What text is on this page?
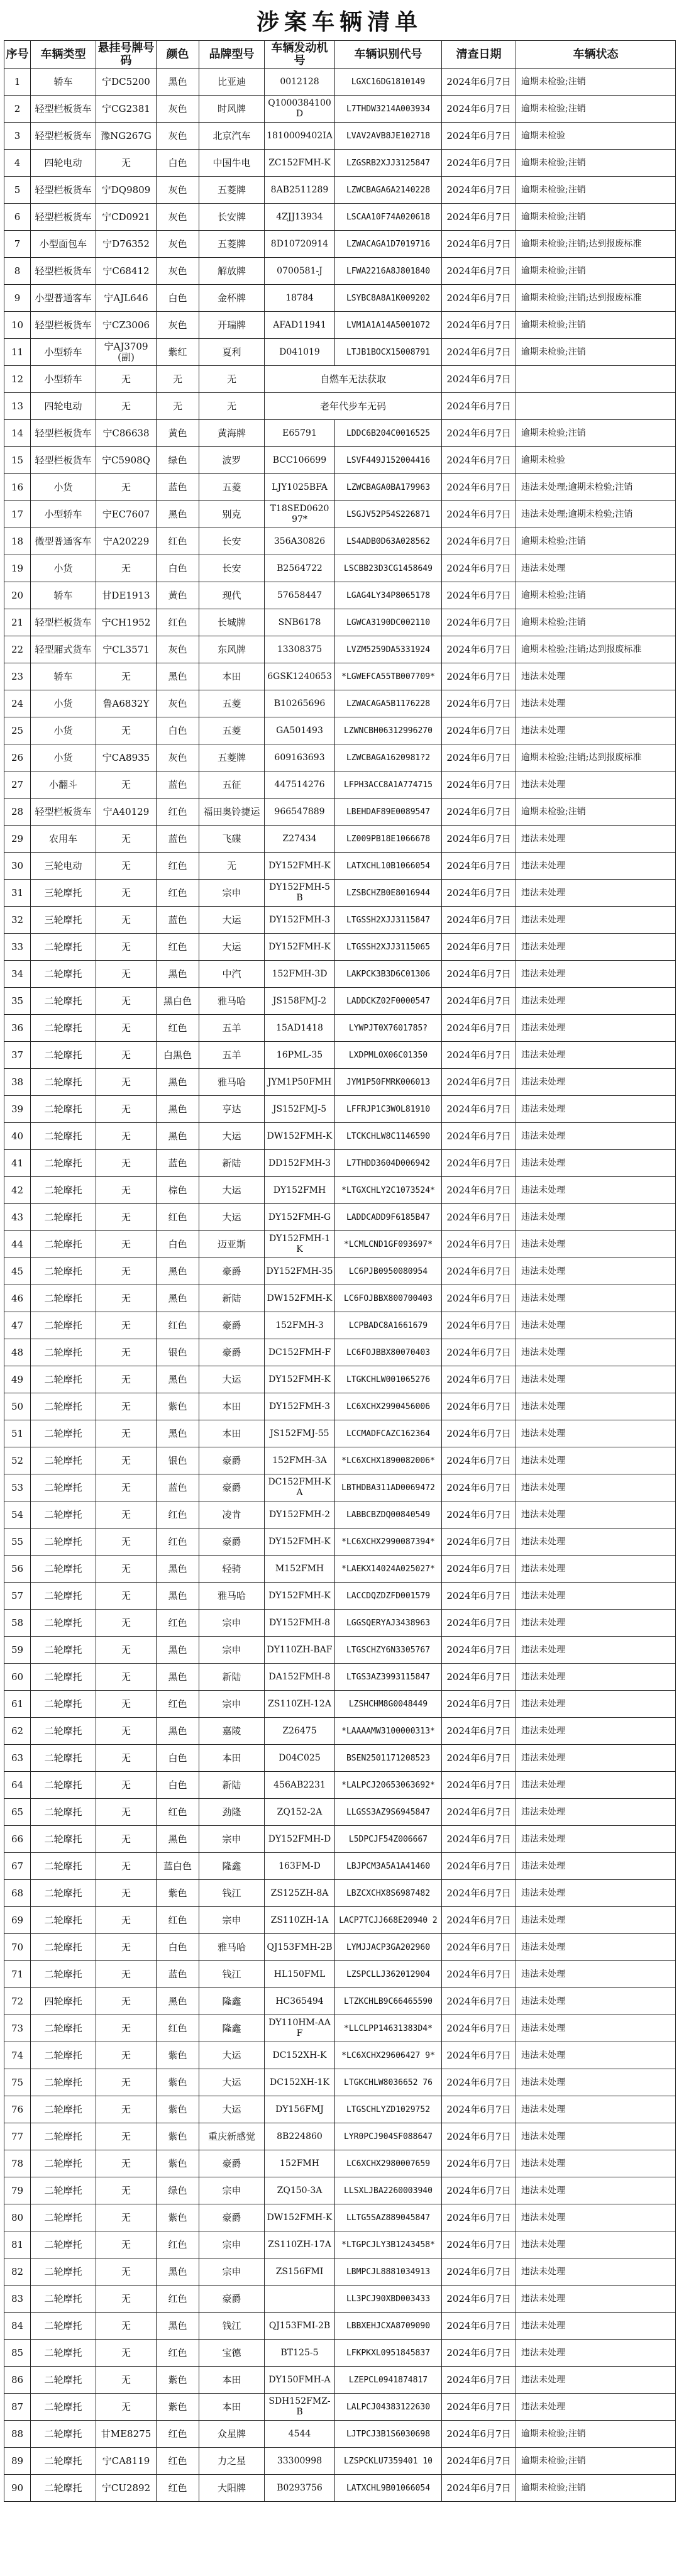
涉案车辆清单
序号	车辆类型	悬挂号牌号码	颜色	品牌型号	车辆发动机号	车辆识别代号	清查日期	车辆状态
1	轿车	宁DC5200	黑色	比亚迪	0012128	LGXC16DG1810149	2024年6月7日	逾期未检验;注销
2	轻型栏板货车	宁CG2381	灰色	时风牌	Q1000384100D	L7THDW3214A003934	2024年6月7日	逾期未检验;注销
3	轻型栏板货车	豫NG267G	灰色	北京汽车	1810009402IA	LVAV2AVB8JE102718	2024年6月7日	逾期未检验
4	四轮电动	无	白色	中国牛电	ZC152FMH-K	LZGSRB2XJJ3125847	2024年6月7日	逾期未检验;注销
5	轻型栏板货车	宁DQ9809	灰色	五菱牌	8AB2511289	LZWCBAGA6A2140228	2024年6月7日	逾期未检验;注销
6	轻型栏板货车	宁CD0921	灰色	长安牌	4ZJJ13934	LSCAA10F74A020618	2024年6月7日	逾期未检验;注销
7	小型面包车	宁D76352	灰色	五菱牌	8D10720914	LZWACAGA1D7019716	2024年6月7日	逾期未检验;注销;达到报废标准
8	轻型栏板货车	宁C68412	灰色	解放牌	0700581-J	LFWA2216A8J801840	2024年6月7日	逾期未检验;注销
9	小型普通客车	宁AJL646	白色	金杯牌	18784	LSYBC8A8A1K009202	2024年6月7日	逾期未检验;注销;达到报废标准
10	轻型栏板货车	宁CZ3006	灰色	开瑞牌	AFAD11941	LVM1A1A14A5001072	2024年6月7日	逾期未检验;注销
11	小型轿车	宁AJ3709(副)	紫红	夏利	D041019	LTJB1BOCX15008791	2024年6月7日	逾期未检验;注销
12	小型轿车	无	无	无	自燃车无法获取		2024年6月7日	
13	四轮电动	无	无	无	老年代步车无码		2024年6月7日	
14	轻型栏板货车	宁C86638	黄色	黄海牌	E65791	LDDC6B204C0016525	2024年6月7日	逾期未检验;注销
15	轻型栏板货车	宁C5908Q	绿色	波罗	BCC106699	LSVF449J152004416	2024年6月7日	逾期未检验
16	小货	无	蓝色	五菱	LJY1025BFA	LZWCBAGA0BA179963	2024年6月7日	违法未处理;逾期未检验;注销
17	小型轿车	宁EC7607	黑色	别克	T18SED0620 97*	LSGJV52P54S226871	2024年6月7日	违法未处理;逾期未检验;注销
18	微型普通客车	宁A20229	红色	长安	356A30826	LS4ADB0D63A028562	2024年6月7日	逾期未检验;注销
19	小货	无	白色	长安	B2564722	LSCBB23D3CG1458649	2024年6月7日	违法未处理
20	轿车	甘DE1913	黄色	现代	57658447	LGAG4LY34P8065178	2024年6月7日	逾期未检验;注销
21	轻型栏板货车	宁CH1952	红色	长城牌	SNB6178	LGWCA3190DC002110	2024年6月7日	逾期未检验;注销
22	轻型厢式货车	宁CL3571	灰色	东风牌	13308375	LVZM5259DA5331924	2024年6月7日	逾期未检验;注销;达到报废标准
23	轿车	无	黑色	本田	6GSK1240653	*LGWEFCA55TB007709*	2024年6月7日	违法未处理
24	小货	鲁A6832Y	灰色	五菱	B10265696	LZWACAGA5B1176228	2024年6月7日	违法未处理
25	小货	无	白色	五菱	GA501493	LZWNCBH06312996270	2024年6月7日	违法未处理
26	小货	宁CA8935	灰色	五菱牌	609163693	LZWCBAGA1620981?2	2024年6月7日	逾期未检验;注销;达到报废标准
27	小翻斗	无	蓝色	五征	447514276	LFPH3ACC8A1A774715	2024年6月7日	违法未处理
28	轻型栏板货车	宁A40129	红色	福田奥铃捷运	966547889	LBEHDAF89E0089547	2024年6月7日	逾期未检验;注销
29	农用车	无	蓝色	飞碟	Z27434	LZ009PB18E1066678	2024年6月7日	违法未处理
30	三轮电动	无	红色	无	DY152FMH-K	LATXCHL10B1066054	2024年6月7日	违法未处理
31	三轮摩托	无	红色	宗申	DY152FMH-5B	LZSBCHZB0E8016944	2024年6月7日	违法未处理
32	三轮摩托	无	蓝色	大运	DY152FMH-3	LTGSSH2XJJ3115847	2024年6月7日	违法未处理
33	二轮摩托	无	红色	大运	DY152FMH-K	LTGSSH2XJJ3115065	2024年6月7日	违法未处理
34	二轮摩托	无	黑色	中汽	152FMH-3D	LAKPCK3B3D6C01306	2024年6月7日	违法未处理
35	二轮摩托	无	黑白色	雅马哈	JS158FMJ-2	LADDCKZ02F0000547	2024年6月7日	违法未处理
36	二轮摩托	无	红色	五羊	15AD1418	LYWPJT0X7601785?	2024年6月7日	违法未处理
37	二轮摩托	无	白黑色	五羊	16PML-35	LXDPMLOX06C01350	2024年6月7日	违法未处理
38	二轮摩托	无	黑色	雅马哈	JYM1P50FMH	JYM1P50FMRK006013	2024年6月7日	违法未处理
39	二轮摩托	无	黑色	亨达	JS152FMJ-5	LFFRJP1C3WOL81910	2024年6月7日	违法未处理
40	二轮摩托	无	黑色	大运	DW152FMH-K	LTCKCHLW8C1146590	2024年6月7日	违法未处理
41	二轮摩托	无	蓝色	新陆	DD152FMH-3	L7THDD3604D006942	2024年6月7日	违法未处理
42	二轮摩托	无	棕色	大运	DY152FMH	*LTGXCHLY2C1073524*	2024年6月7日	违法未处理
43	二轮摩托	无	红色	大运	DY152FMH-G	LADDCADD9F6185B47	2024年6月7日	违法未处理
44	二轮摩托	无	白色	迈亚斯	DY152FMH-1K	*LCMLCND1GF093697*	2024年6月7日	违法未处理
45	二轮摩托	无	黑色	豪爵	DY152FMH-35	LC6PJB0950080954	2024年6月7日	违法未处理
46	二轮摩托	无	黑色	新陆	DW152FMH-K	LC6FOJBBX800700403	2024年6月7日	违法未处理
47	二轮摩托	无	红色	豪爵	152FMH-3	LCPBADC8A1661679	2024年6月7日	违法未处理
48	二轮摩托	无	银色	豪爵	DC152FMH-F	LC6FOJBBX80070403	2024年6月7日	违法未处理
49	二轮摩托	无	黑色	大运	DY152FMH-K	LTGKCHLW001065276	2024年6月7日	违法未处理
50	二轮摩托	无	紫色	本田	DY152FMH-3	LC6XCHX2990456006	2024年6月7日	违法未处理
51	二轮摩托	无	黑色	本田	JS152FMJ-55	LCCMADFCAZC162364	2024年6月7日	违法未处理
52	二轮摩托	无	银色	豪爵	152FMH-3A	*LC6XCHX1890082006*	2024年6月7日	违法未处理
53	二轮摩托	无	蓝色	豪爵	DC152FMH-KA	LBTHDBA311AD0069472	2024年6月7日	违法未处理
54	二轮摩托	无	红色	凌肯	DY152FMH-2	LABBCBZDQ00840549	2024年6月7日	违法未处理
55	二轮摩托	无	红色	豪爵	DY152FMH-K	*LC6XCHX2990087394*	2024年6月7日	违法未处理
56	二轮摩托	无	黑色	轻骑	M152FMH	*LAEKX14024A025027*	2024年6月7日	违法未处理
57	二轮摩托	无	黑色	雅马哈	DY152FMH-K	LACCDQZDZFD001579	2024年6月7日	违法未处理
58	二轮摩托	无	红色	宗申	DY152FMH-8	LGGSQERYAJ3438963	2024年6月7日	违法未处理
59	二轮摩托	无	黑色	宗申	DY110ZH-BAF	LTGSCHZY6N3305767	2024年6月7日	违法未处理
60	二轮摩托	无	黑色	新陆	DA152FMH-8	LTGS3AZ3993115847	2024年6月7日	违法未处理
61	二轮摩托	无	红色	宗申	ZS110ZH-12A	LZSHCHM8G0048449	2024年6月7日	违法未处理
62	二轮摩托	无	黑色	嘉陵	Z26475	*LAAAAMW3100000313*	2024年6月7日	违法未处理
63	二轮摩托	无	白色	本田	D04C025	BSEN2501171208523	2024年6月7日	违法未处理
64	二轮摩托	无	白色	新陆	456AB2231	*LALPCJ20653063692*	2024年6月7日	违法未处理
65	二轮摩托	无	红色	劲隆	ZQ152-2A	LLGSS3AZ9S6945847	2024年6月7日	违法未处理
66	二轮摩托	无	黑色	宗申	DY152FMH-D	L5DPCJF54Z006667	2024年6月7日	违法未处理
67	二轮摩托	无	蓝白色	隆鑫	163FM-D	LBJPCM3A5A1A41460	2024年6月7日	违法未处理
68	二轮摩托	无	紫色	钱江	ZS125ZH-8A	LBZCXCHX8S6987482	2024年6月7日	违法未处理
69	二轮摩托	无	红色	宗申	ZS110ZH-1A	LACP7TCJJ668E20940 2	2024年6月7日	违法未处理
70	二轮摩托	无	白色	雅马哈	QJ153FMH-2B	LYMJJACP3GA202960	2024年6月7日	违法未处理
71	二轮摩托	无	蓝色	钱江	HL150FML	LZSPCLLJ362012904	2024年6月7日	违法未处理
72	四轮摩托	无	黑色	隆鑫	HC365494	LTZKCHLB9C66465590	2024年6月7日	违法未处理
73	二轮摩托	无	红色	隆鑫	DY110HM-AAF	*LLCLPP14631383D4*	2024年6月7日	违法未处理
74	二轮摩托	无	紫色	大运	DC152XH-K	*LC6XCHX29606427 9*	2024年6月7日	违法未处理
75	二轮摩托	无	紫色	大运	DC152XH-1K	LTGKCHLW8036652 76	2024年6月7日	违法未处理
76	二轮摩托	无	紫色	大运	DY156FMJ	LTGSCHLYZD1029752	2024年6月7日	违法未处理
77	二轮摩托	无	紫色	重庆新感觉	8B224860	LYR0PCJ904SF088647	2024年6月7日	违法未处理
78	二轮摩托	无	紫色	豪爵	152FMH	LC6XCHX2980007659	2024年6月7日	违法未处理
79	二轮摩托	无	绿色	宗申	ZQ150-3A	LLSXLJBA2260003940	2024年6月7日	违法未处理
80	二轮摩托	无	紫色	豪爵	DW152FMH-K	LLTG5SAZ889045847	2024年6月7日	违法未处理
81	二轮摩托	无	红色	宗申	ZS110ZH-17A	*LTGPCJLY3B1243458*	2024年6月7日	违法未处理
82	二轮摩托	无	黑色	宗申	ZS156FMI	LBMPCJL8881034913	2024年6月7日	违法未处理
83	二轮摩托	无	红色	豪爵		LL3PCJ90XBD003433	2024年6月7日	违法未处理
84	二轮摩托	无	黑色	钱江	QJ153FMI-2B	LBBXEHJCXA8709090	2024年6月7日	违法未处理
85	二轮摩托	无	红色	宝德	BT125-5	LFKPKXL0951845837	2024年6月7日	违法未处理
86	二轮摩托	无	紫色	本田	DY150FMH-A	LZEPCL0941874817	2024年6月7日	违法未处理
87	二轮摩托	无	紫色	本田	SDH152FMZ-B	LALPCJ04383122630	2024年6月7日	违法未处理
88	二轮摩托	甘ME8275	红色	众星牌	4544	LJTPCJ3B1S6030698	2024年6月7日	逾期未检验;注销
89	二轮摩托	宁CA8119	红色	力之星	33300998	LZSPCKLU7359401 10	2024年6月7日	逾期未检验;注销
90	二轮摩托	宁CU2892	红色	大阳牌	B0293756	LATXCHL9B01066054	2024年6月7日	逾期未检验;注销
